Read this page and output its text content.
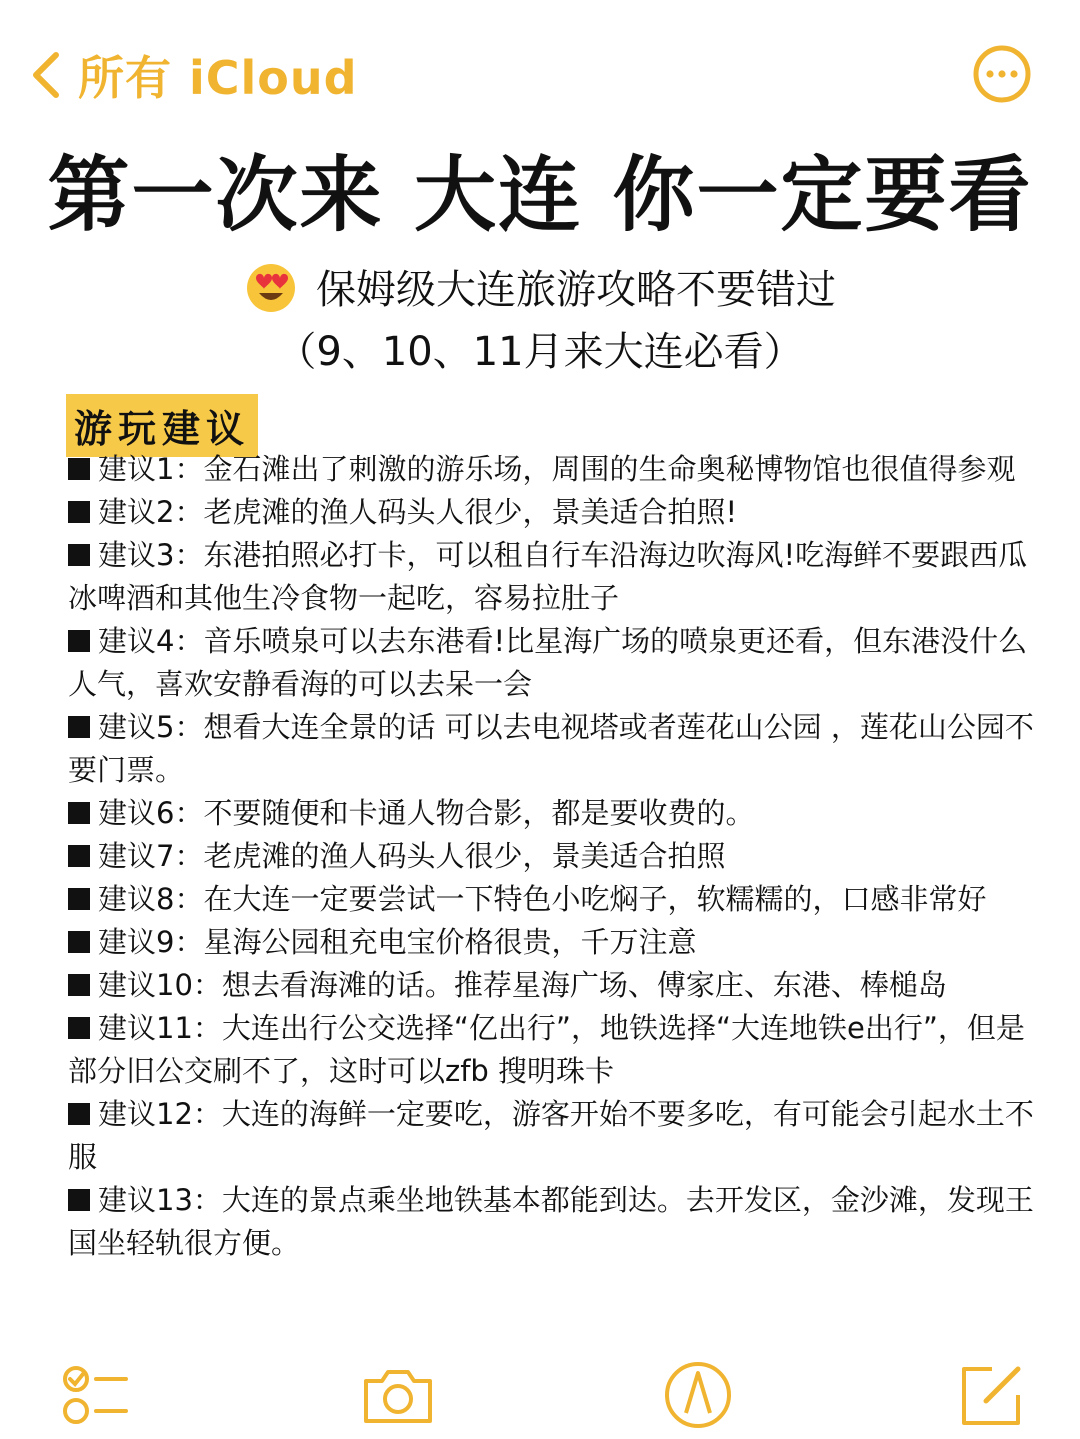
所有 iCloud
第一次来 大连 你一定要看
保姆级大连旅游攻略不要错过
（9、10、11月来大连必看）
游玩建议
建议1：金石滩出了刺激的游乐场，周围的生命奥秘博物馆也很值得参观
建议2：老虎滩的渔人码头人很少，景美适合拍照!
建议3：东港拍照必打卡，可以租自行车沿海边吹海风!吃海鲜不要跟西瓜冰啤酒和其他生冷食物一起吃，容易拉肚子
建议4：音乐喷泉可以去东港看!比星海广场的喷泉更还看，但东港没什么人气，喜欢安静看海的可以去呆一会
建议5：想看大连全景的话 可以去电视塔或者莲花山公园 ，莲花山公园不要门票。
建议6：不要随便和卡通人物合影，都是要收费的。
建议7：老虎滩的渔人码头人很少，景美适合拍照
建议8：在大连一定要尝试一下特色小吃焖子，软糯糯的，口感非常好
建议9：星海公园租充电宝价格很贵，千万注意
建议10：想去看海滩的话。推荐星海广场、傅家庄、东港、棒槌岛
建议11：大连出行公交选择“亿出行”，地铁选择“大连地铁e出行”，但是部分旧公交刷不了，这时可以zfb 搜明珠卡
建议12：大连的海鲜一定要吃，游客开始不要多吃，有可能会引起水土不服
建议13：大连的景点乘坐地铁基本都能到达。去开发区，金沙滩，发现王国坐轻轨很方便。
